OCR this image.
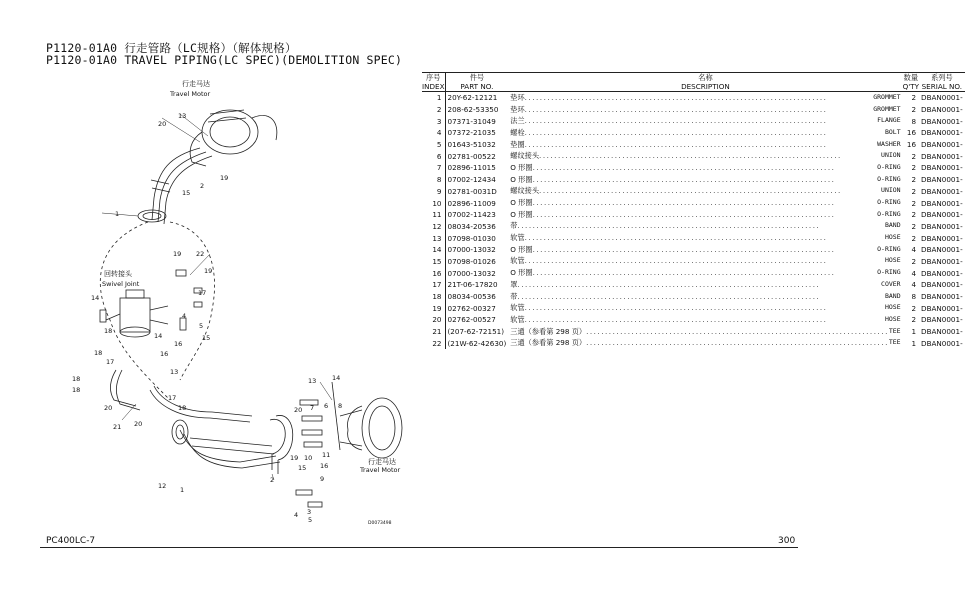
P1120-01A0 行走管路（LC规格）（解体规格）
P1120-01A0 TRAVEL PIPING(LC SPEC)(DEMOLITION SPEC)
行走马达
Travel Motor
回转接头
Swivel Joint
行走马达
Travel Motor
D0073498
20
13
15
2
19
1
19 22
19
14
17
16
4
5
15
18
17
14
18	16
13
18
20
21 20
18
17
18
12 1
13 14
20 7 6 8
2
19 10
15 16
11
9
3
4
5
序号	件号	名称	数量	系列号
INDEX	PART NO.	DESCRIPTION	Q'TY	SERIAL NO.
1	20Y-62-12121	垫环 ................................................................................ GROMMET	2	DBAN0001-
2	208-62-53350	垫环 ................................................................................ GROMMET	2	DBAN0001-
3	07371-31049	法兰 ................................................................................ FLANGE	8	DBAN0001-
4	07372-21035	螺栓 ................................................................................ BOLT	16	DBAN0001-
5	01643-51032	垫圈 ................................................................................ WASHER	16	DBAN0001-
6	02781-00522	螺纹接头 ................................................................................ UNION	2	DBAN0001-
7	02896-11015	O 形圈 ................................................................................ O-RING	2	DBAN0001-
8	07002-12434	O 形圈 ................................................................................ O-RING	2	DBAN0001-
9	02781-0031D	螺纹接头 ................................................................................ UNION	2	DBAN0001-
10	02896-11009	O 形圈 ................................................................................ O-RING	2	DBAN0001-
11	07002-11423	O 形圈 ................................................................................ O-RING	2	DBAN0001-
12	08034-20536	带 ................................................................................ BAND	2	DBAN0001-
13	07098-01030	软管 ................................................................................ HOSE	2	DBAN0001-
14	07000-13032	O 形圈 ................................................................................ O-RING	4	DBAN0001-
15	07098-01026	软管 ................................................................................ HOSE	2	DBAN0001-
16	07000-13032	O 形圈 ................................................................................ O-RING	4	DBAN0001-
17	21T-06-17820	罩 ................................................................................ COVER	4	DBAN0001-
18	08034-00536	带 ................................................................................ BAND	8	DBAN0001-
19	02762-00327	软管 ................................................................................ HOSE	2	DBAN0001-
20	02762-00527	软管 ................................................................................ HOSE	2	DBAN0001-
21	(207-62-72151)	三通（参看第 298 页） ................................................................................ TEE	1	DBAN0001-
22	(21W-62-42630)	三通（参看第 298 页） ................................................................................ TEE	1	DBAN0001-
PC400LC-7	300
